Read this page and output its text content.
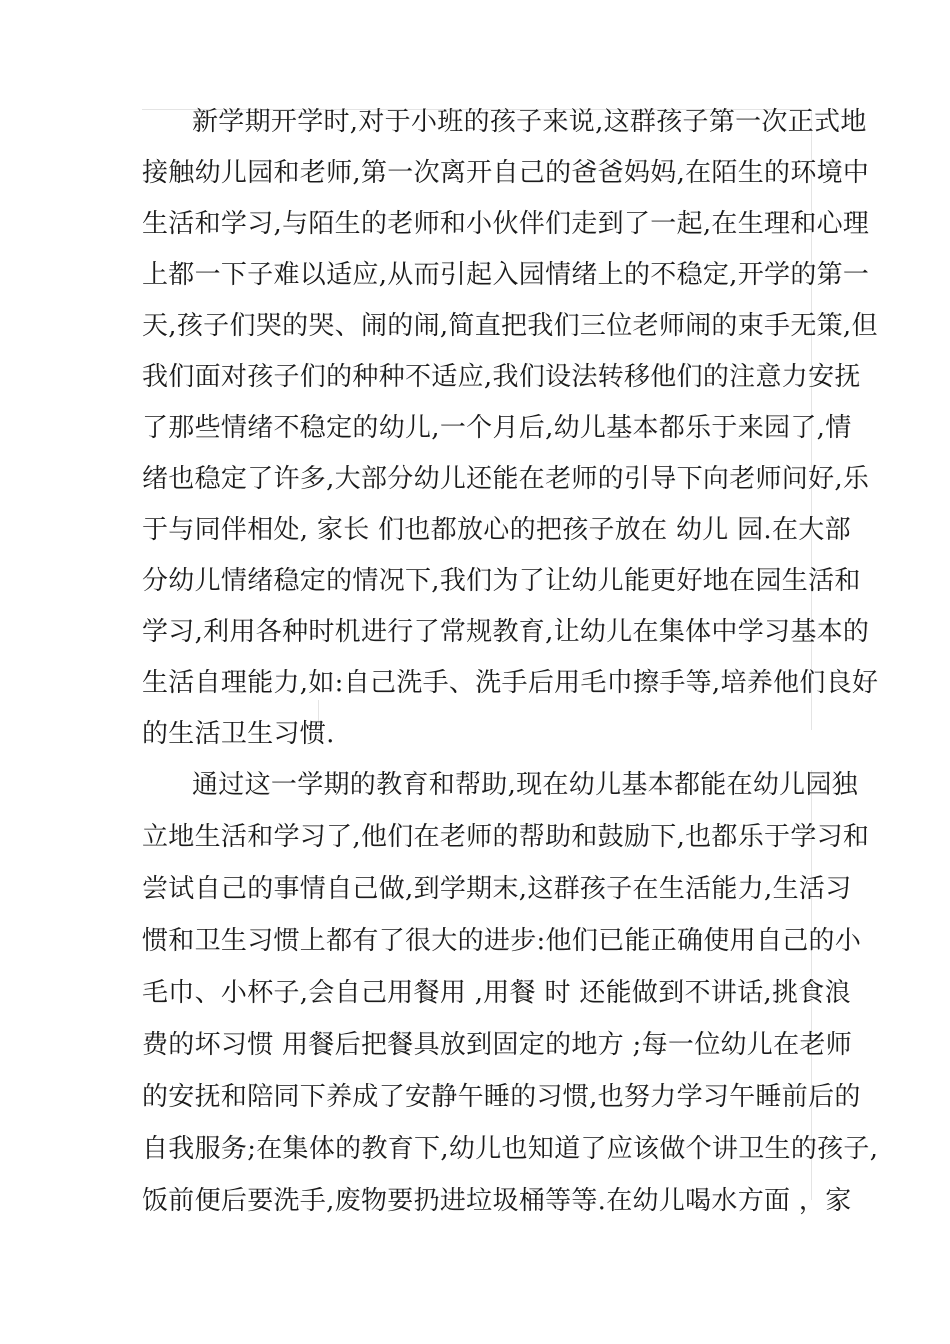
新学期开学时,对于小班的孩子来说,这群孩子第一次正式地
接触幼儿园和老师,第一次离开自己的爸爸妈妈,在陌生的环境中
生活和学习,与陌生的老师和小伙伴们走到了一起,在生理和心理
上都一下子难以适应,从而引起入园情绪上的不稳定,开学的第一
天,孩子们哭的哭、闹的闹,简直把我们三位老师闹的束手无策,但
我们面对孩子们的种种不适应,我们设法转移他们的注意力安抚
了那些情绪不稳定的幼儿,一个月后,幼儿基本都乐于来园了,情
绪也稳定了许多,大部分幼儿还能在老师的引导下向老师问好,乐
于与同伴相处, 家长 们也都放心的把孩子放在 幼儿 园.在大部
分幼儿情绪稳定的情况下,我们为了让幼儿能更好地在园生活和
学习,利用各种时机进行了常规教育,让幼儿在集体中学习基本的
生活自理能力,如:自己洗手、洗手后用毛巾擦手等,培养他们良好
的生活卫生习惯.
通过这一学期的教育和帮助,现在幼儿基本都能在幼儿园独
立地生活和学习了,他们在老师的帮助和鼓励下,也都乐于学习和
尝试自己的事情自己做,到学期末,这群孩子在生活能力,生活习
惯和卫生习惯上都有了很大的进步:他们已能正确使用自己的小
毛巾、小杯子,会自己用餐用 ,用餐 时 还能做到不讲话,挑食浪
费的坏习惯 用餐后把餐具放到固定的地方 ;每一位幼儿在老师
的安抚和陪同下养成了安静午睡的习惯,也努力学习午睡前后的
自我服务;在集体的教育下,幼儿也知道了应该做个讲卫生的孩子,
饭前便后要洗手,废物要扔进垃圾桶等等.在幼儿喝水方面 ，家
